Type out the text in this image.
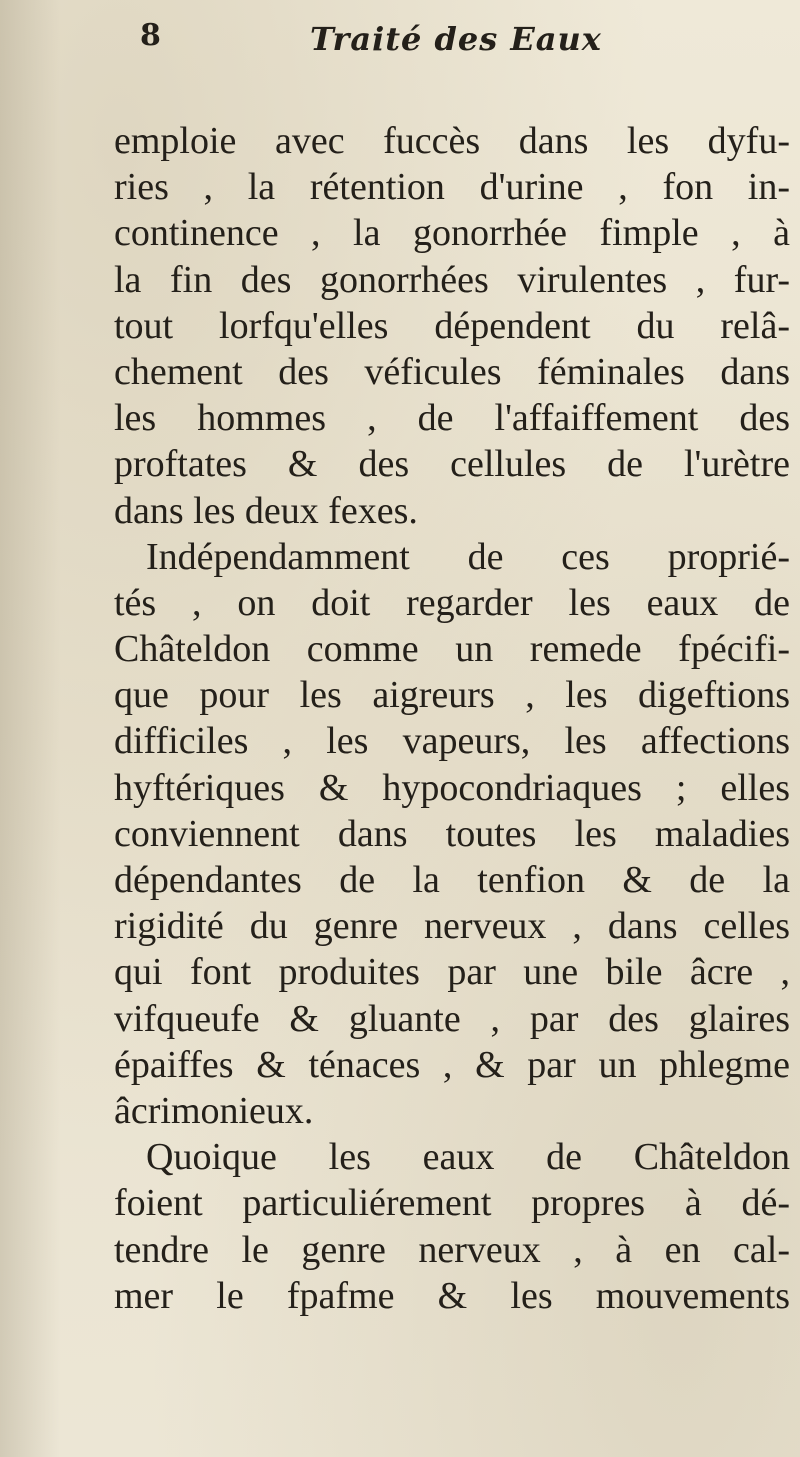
8	Traité des Eaux
emploie avec fuccès dans les dyfu-
ries , la rétention d'urine , fon in-
continence , la gonorrhée fimple , à
la fin des gonorrhées virulentes , fur-
tout lorfqu'elles dépendent du relâ-
chement des véficules féminales dans
les hommes , de l'affaiffement des
proftates & des cellules de l'urètre
dans les deux fexes.
Indépendamment de ces proprié-
tés , on doit regarder les eaux de
Châteldon comme un remede fpécifi-
que pour les aigreurs , les digeftions
difficiles , les vapeurs, les affections
hyftériques & hypocondriaques ; elles
conviennent dans toutes les maladies
dépendantes de la tenfion & de la
rigidité du genre nerveux , dans celles
qui font produites par une bile âcre ,
vifqueufe & gluante , par des glaires
épaiffes & ténaces , & par un phlegme
âcrimonieux.
Quoique les eaux de Châteldon
foient particuliérement propres à dé-
tendre le genre nerveux , à en cal-
mer le fpafme & les mouvements
